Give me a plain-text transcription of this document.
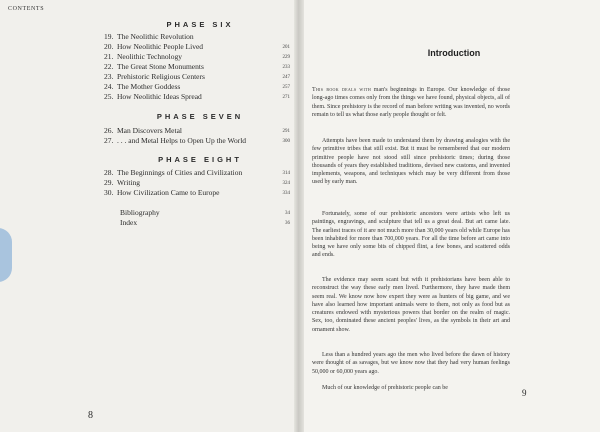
CONTENTS
PHASE SIX
19. The Neolithic Revolution
20. How Neolithic People Lived	201
21. Neolithic Technology	229
22. The Great Stone Monuments	233
23. Prehistoric Religious Centers	247
24. The Mother Goddess	257
25. How Neolithic Ideas Spread	271
PHASE SEVEN
26. Man Discovers Metal	291
27. . . . and Metal Helps to Open Up the World	300
PHASE EIGHT
28. The Beginnings of Cities and Civilization	314
29. Writing	324
30. How Civilization Came to Europe	334
Bibliography	34
Index	36
8
Introduction
This book deals with man's beginnings in Europe. Our knowledge of those long-ago times comes only from the things we have found, physical objects, all of them. Since prehistory is the record of man before writing was invented, no words remain to tell us what those early people thought or felt.
Attempts have been made to understand them by drawing analogies with the few primitive tribes that still exist. But it must be remembered that our modern primitive people have not stood still since prehistoric times; during those thousands of years they established traditions, devised new customs, and invented implements, weapons, and techniques which may be very different from those used by early man.
Fortunately, some of our prehistoric ancestors were artists who left us paintings, engravings, and sculpture that tell us a great deal. But art came late. The earliest traces of it are not much more than 30,000 years old while Europe has been inhabited for more than 700,000 years. For all the time before art came into being we have only some bits of chipped flint, a few bones, and scattered odds and ends.
The evidence may seem scant but with it prehistorians have been able to reconstruct the way these early men lived. Furthermore, they have made them seem real. We know now how expert they were as hunters of big game, and we have also learned how important animals were to them, not only as food but as creatures endowed with mysterious powers that border on the realm of magic. Sex, too, dominated these ancient peoples' lives, as the symbols in their art and ornament show.
Less than a hundred years ago the men who lived before the dawn of history were thought of as savages, but we know now that they had very human feelings 50,000 or 60,000 years ago.
Much of our knowledge of prehistoric people can be	9
